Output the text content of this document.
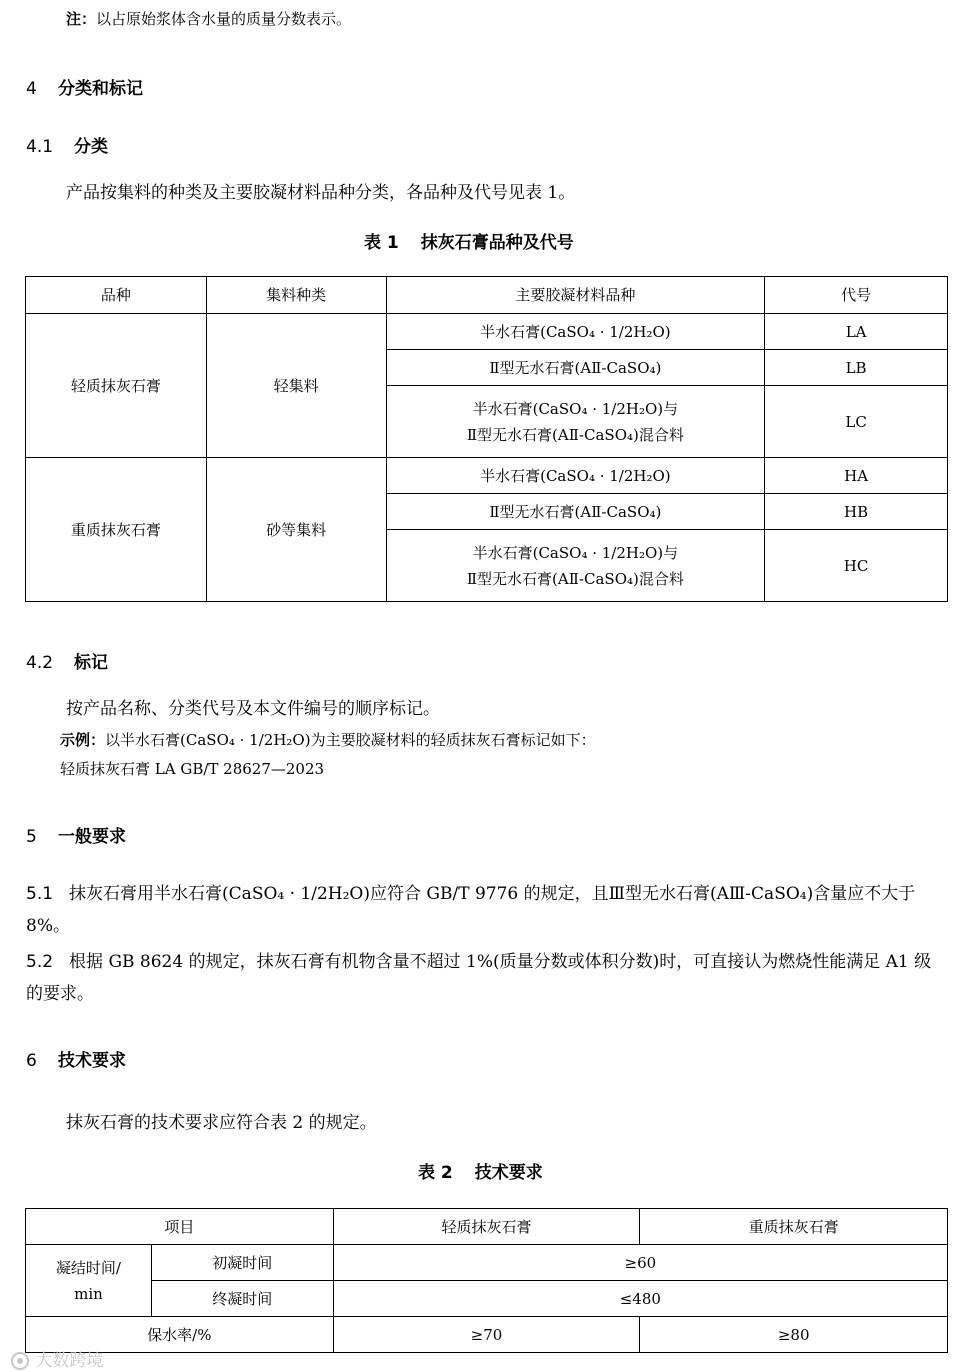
注：以占原始浆体含水量的质量分数表示。
4 分类和标记
4.1 分类
产品按集料的种类及主要胶凝材料品种分类，各品种及代号见表 1。
表 1 抹灰石膏品种及代号
品种	集料种类	主要胶凝材料品种	代号
轻质抹灰石膏	轻集料	半水石膏(CaSO₄ · 1/2H₂O)	LA
		Ⅱ型无水石膏(AⅡ-CaSO₄)	LB

		半水石膏(CaSO₄ · 1/2H₂O)与
Ⅱ型无水石膏(AⅡ-CaSO₄)混合料	LC
重质抹灰石膏	砂等集料	半水石膏(CaSO₄ · 1/2H₂O)	HA
		Ⅱ型无水石膏(AⅡ-CaSO₄)	HB

		半水石膏(CaSO₄ · 1/2H₂O)与
Ⅱ型无水石膏(AⅡ-CaSO₄)混合料	HC
4.2 标记
按产品名称、分类代号及本文件编号的顺序标记。
示例：以半水石膏(CaSO₄ · 1/2H₂O)为主要胶凝材料的轻质抹灰石膏标记如下：
轻质抹灰石膏 LA GB/T 28627—2023
5 一般要求
5.1 抹灰石膏用半水石膏(CaSO₄ · 1/2H₂O)应符合 GB/T 9776 的规定，且Ⅲ型无水石膏(AⅢ-CaSO₄)含量应不大于 8%。
5.2 根据 GB 8624 的规定，抹灰石膏有机物含量不超过 1%(质量分数或体积分数)时，可直接认为燃烧性能满足 A1 级的要求。
6 技术要求
抹灰石膏的技术要求应符合表 2 的规定。
表 2 技术要求
项目		轻质抹灰石膏	重质抹灰石膏

凝结时间/
min	初凝时间	≥60	
	终凝时间	≤480	
保水率/%		≥70	≥80
大数跨境
